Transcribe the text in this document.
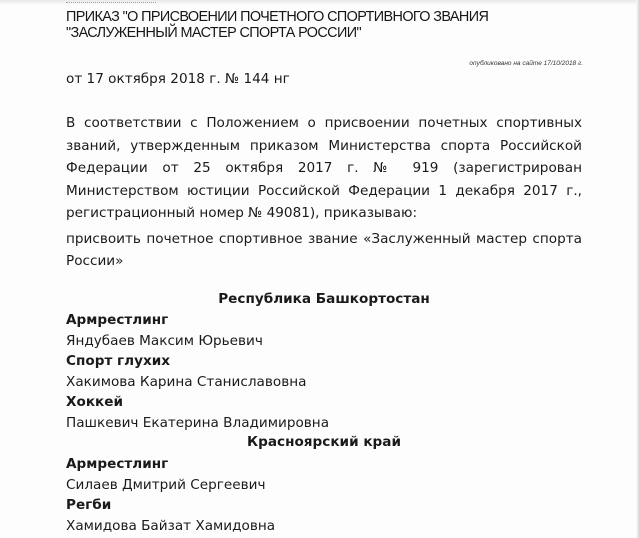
ПРИКАЗ "О ПРИСВОЕНИИ ПОЧЕТНОГО СПОРТИВНОГО ЗВАНИЯ "ЗАСЛУЖЕННЫЙ МАСТЕР СПОРТА РОССИИ"
опубликовано на сайте 17/10/2018 г.
от 17 октября 2018 г. № 144 нг
В соответствии с Положением о присвоении почетных спортивных званий, утвержденным приказом Министерства спорта Российской Федерации от 25 октября 2017 г. № 919 (зарегистрирован Министерством юстиции Российской Федерации 1 декабря 2017 г., регистрационный номер № 49081), приказываю:
присвоить почетное спортивное звание «Заслуженный мастер спорта России»
Республика Башкортостан
Армрестлинг
Яндубаев Максим Юрьевич
Спорт глухих
Хакимова Карина Станиславовна
Хоккей
Пашкевич Екатерина Владимировна
Красноярский край
Армрестлинг
Силаев Дмитрий Сергеевич
Регби
Хамидова Байзат Хамидовна
